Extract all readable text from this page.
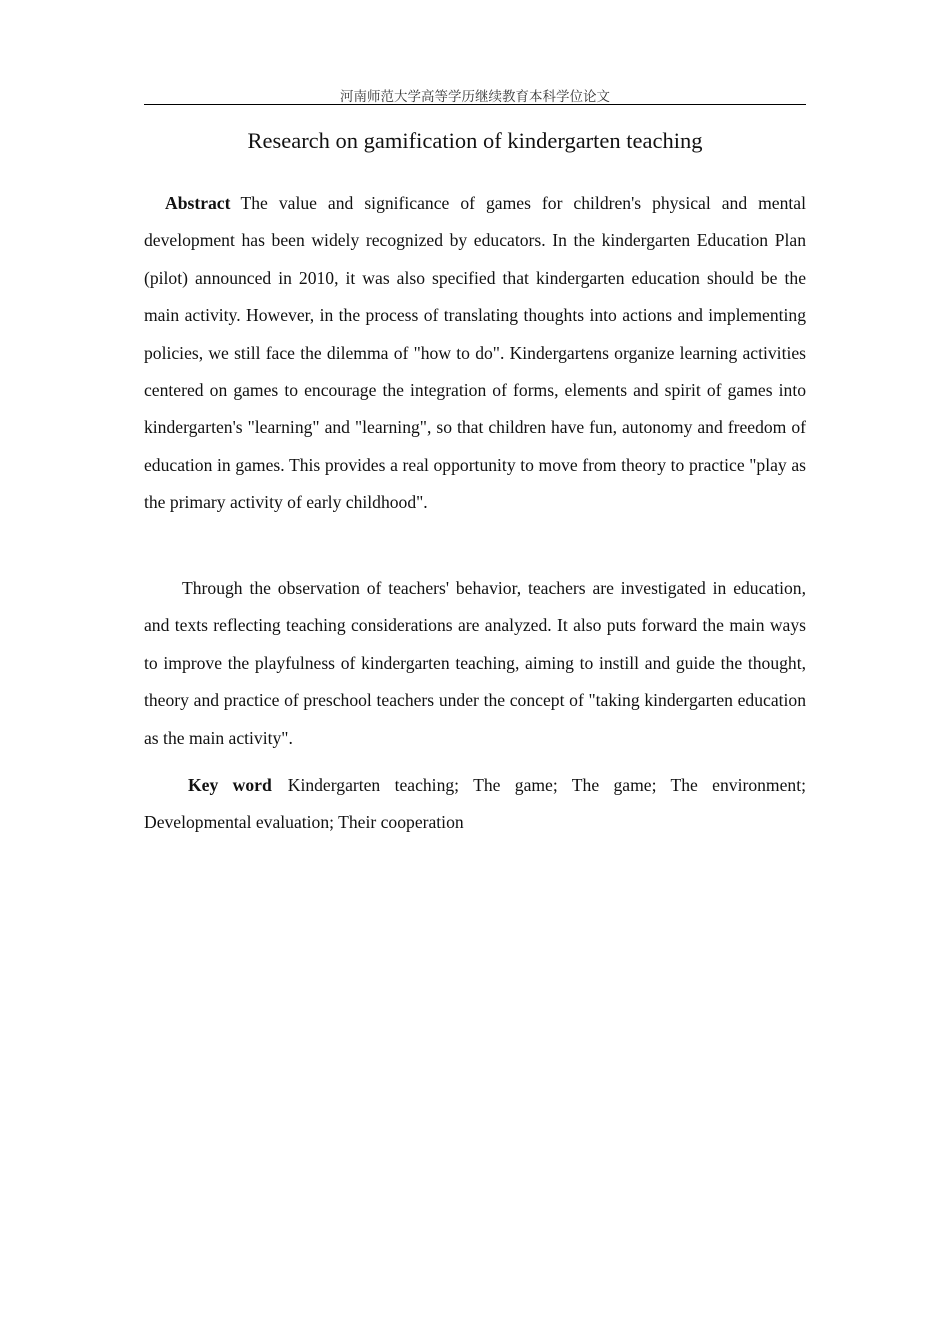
河南师范大学高等学历继续教育本科学位论文
Research on gamification of kindergarten teaching

Abstract The value and significance of games for children's physical and mental development has been widely recognized by educators. In the kindergarten Education Plan (pilot) announced in 2010, it was also specified that kindergarten education should be the main activity. However, in the process of translating thoughts into actions and implementing policies, we still face the dilemma of "how to do". Kindergartens organize learning activities centered on games to encourage the integration of forms, elements and spirit of games into kindergarten's "learning" and "learning", so that children have fun, autonomy and freedom of education in games. This provides a real opportunity to move from theory to practice "play as the primary activity of early childhood".

Through the observation of teachers' behavior, teachers are investigated in education, and texts reflecting teaching considerations are analyzed. It also puts forward the main ways to improve the playfulness of kindergarten teaching, aiming to instill and guide the thought, theory and practice of preschool teachers under the concept of "taking kindergarten education as the main activity".

Key word Kindergarten teaching; The game; The game; The environment; Developmental evaluation; Their cooperation
